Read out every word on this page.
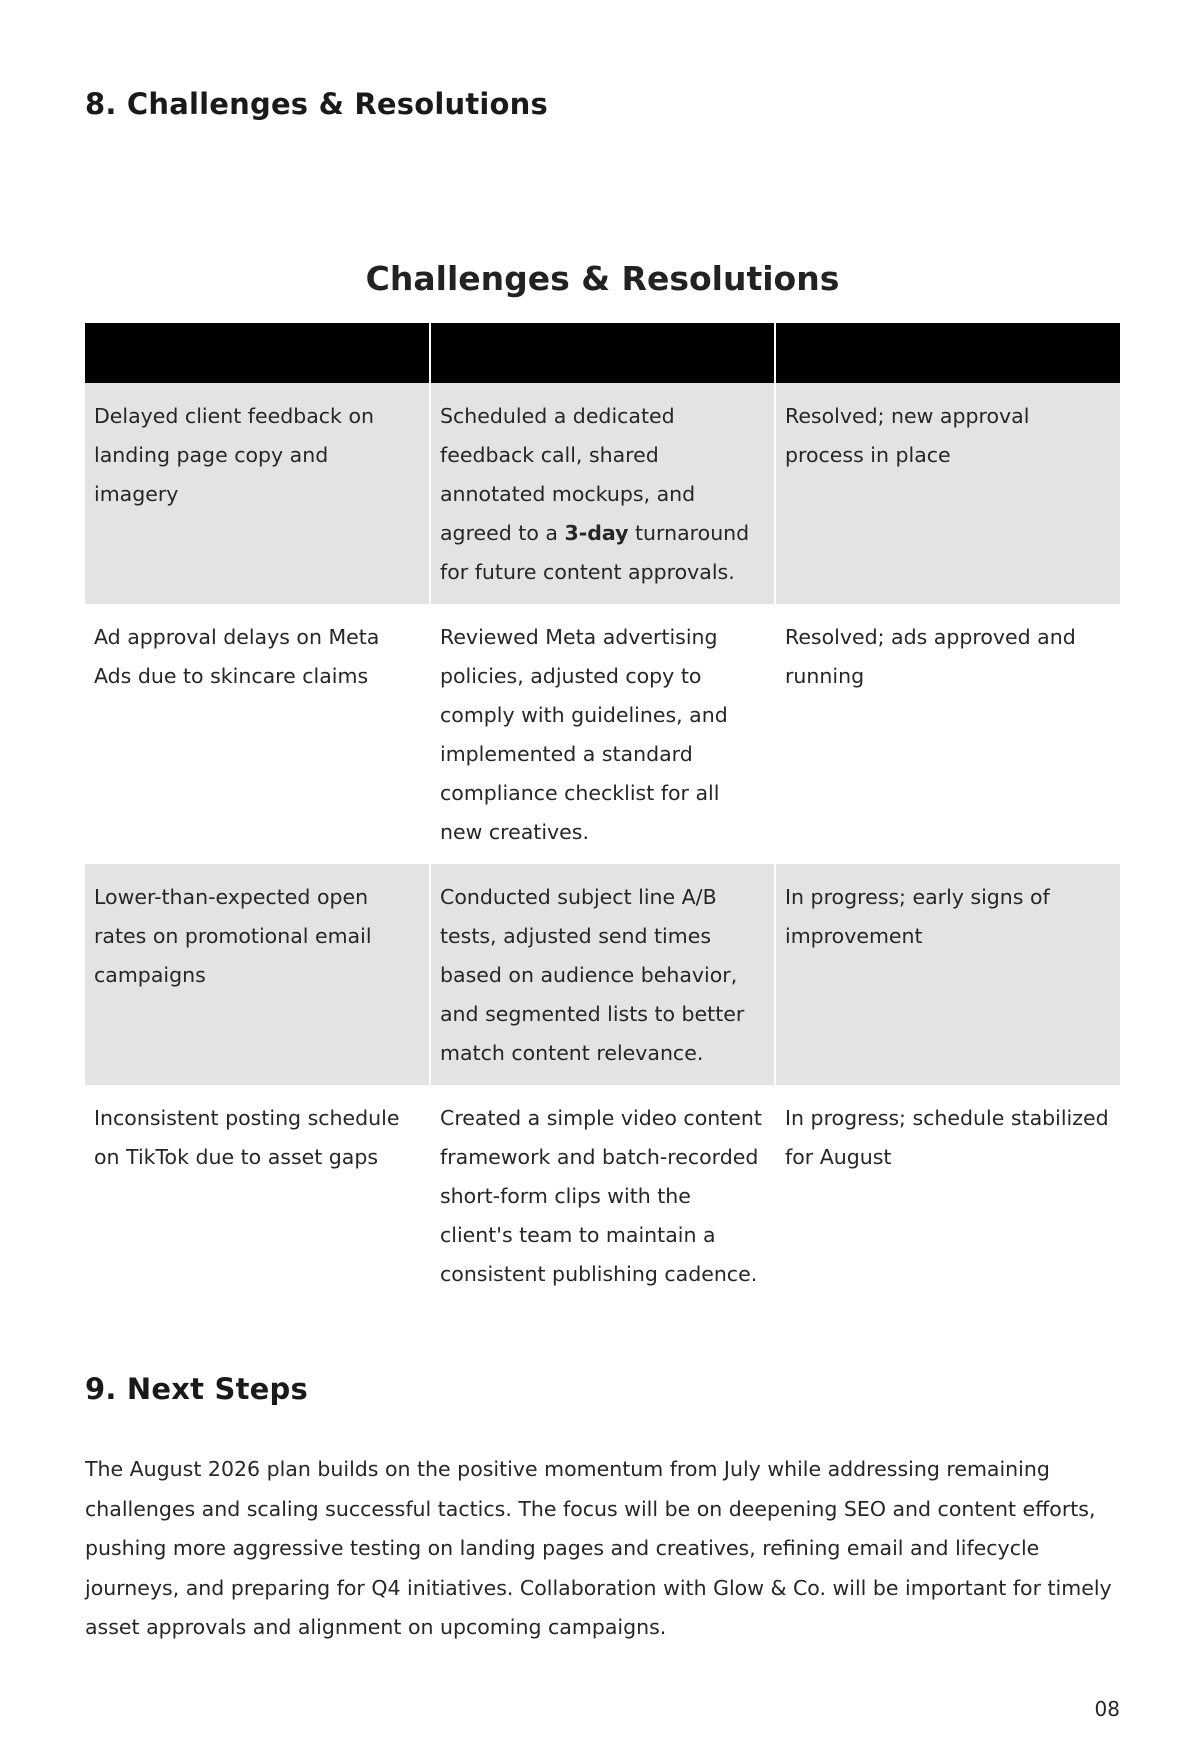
8. Challenges & Resolutions
Challenges & Resolutions

Delayed client feedback on landing page copy and imagery	Scheduled a dedicated feedback call, shared annotated mockups, and agreed to a 3-day turnaround for future content approvals.	Resolved; new approval process in place
Ad approval delays on Meta Ads due to skincare claims	Reviewed Meta advertising policies, adjusted copy to comply with guidelines, and implemented a standard compliance checklist for all new creatives.	Resolved; ads approved and running
Lower-than-expected open rates on promotional email campaigns	Conducted subject line A/B tests, adjusted send times based on audience behavior, and segmented lists to better match content relevance.	In progress; early signs of improvement
Inconsistent posting schedule on TikTok due to asset gaps	Created a simple video content framework and batch-recorded short-form clips with the client's team to maintain a consistent publishing cadence.	In progress; schedule stabilized for August
9. Next Steps

The August 2026 plan builds on the positive momentum from July while addressing remaining challenges and scaling successful tactics. The focus will be on deepening SEO and content efforts, pushing more aggressive testing on landing pages and creatives, refining email and lifecycle journeys, and preparing for Q4 initiatives. Collaboration with Glow & Co. will be important for timely asset approvals and alignment on upcoming campaigns.

08
